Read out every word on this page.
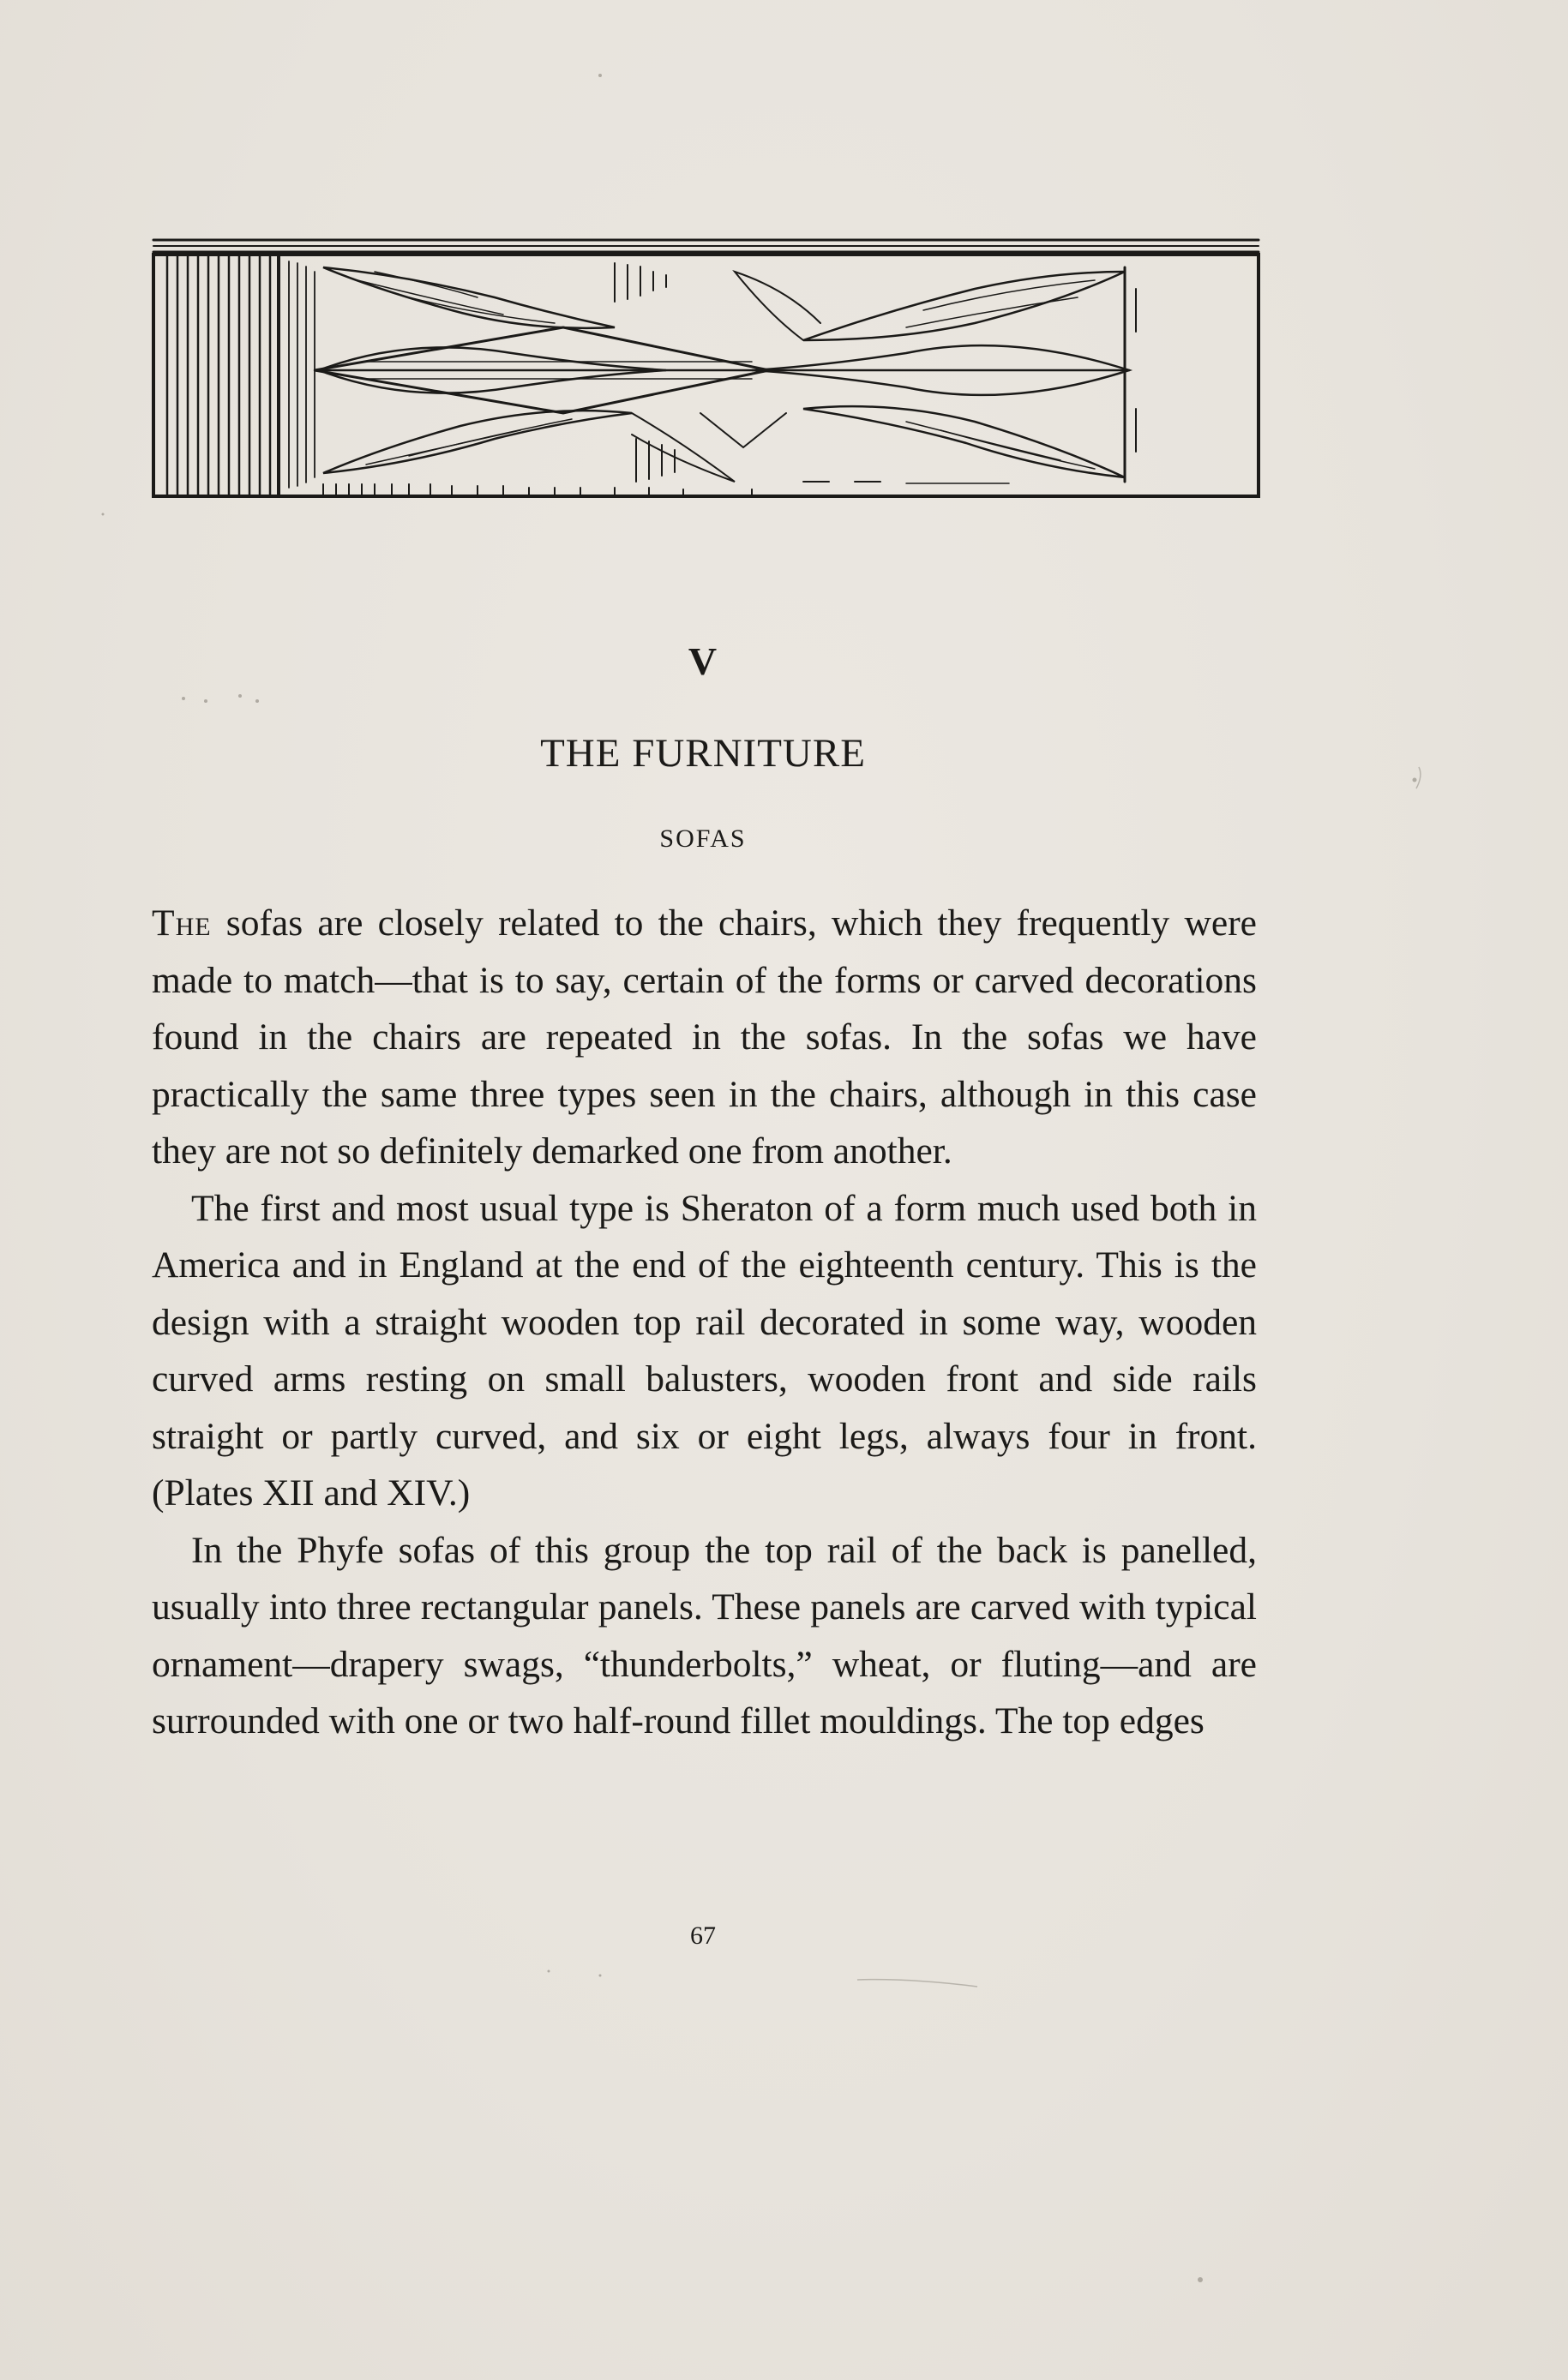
V
THE FURNITURE
SOFAS

The sofas are closely related to the chairs, which they frequently were made to match—that is to say, certain of the forms or carved decorations found in the chairs are repeated in the sofas. In the sofas we have practically the same three types seen in the chairs, although in this case they are not so definitely demarked one from another.

The first and most usual type is Sheraton of a form much used both in America and in England at the end of the eighteenth century. This is the design with a straight wooden top rail decorated in some way, wooden curved arms resting on small balusters, wooden front and side rails straight or partly curved, and six or eight legs, always four in front. (Plates XII and XIV.)

In the Phyfe sofas of this group the top rail of the back is panelled, usually into three rectangular panels. These panels are carved with typical ornament—drapery swags, “thunderbolts,” wheat, or fluting—and are surrounded with one or two half-round fillet mouldings. The top edges

67
